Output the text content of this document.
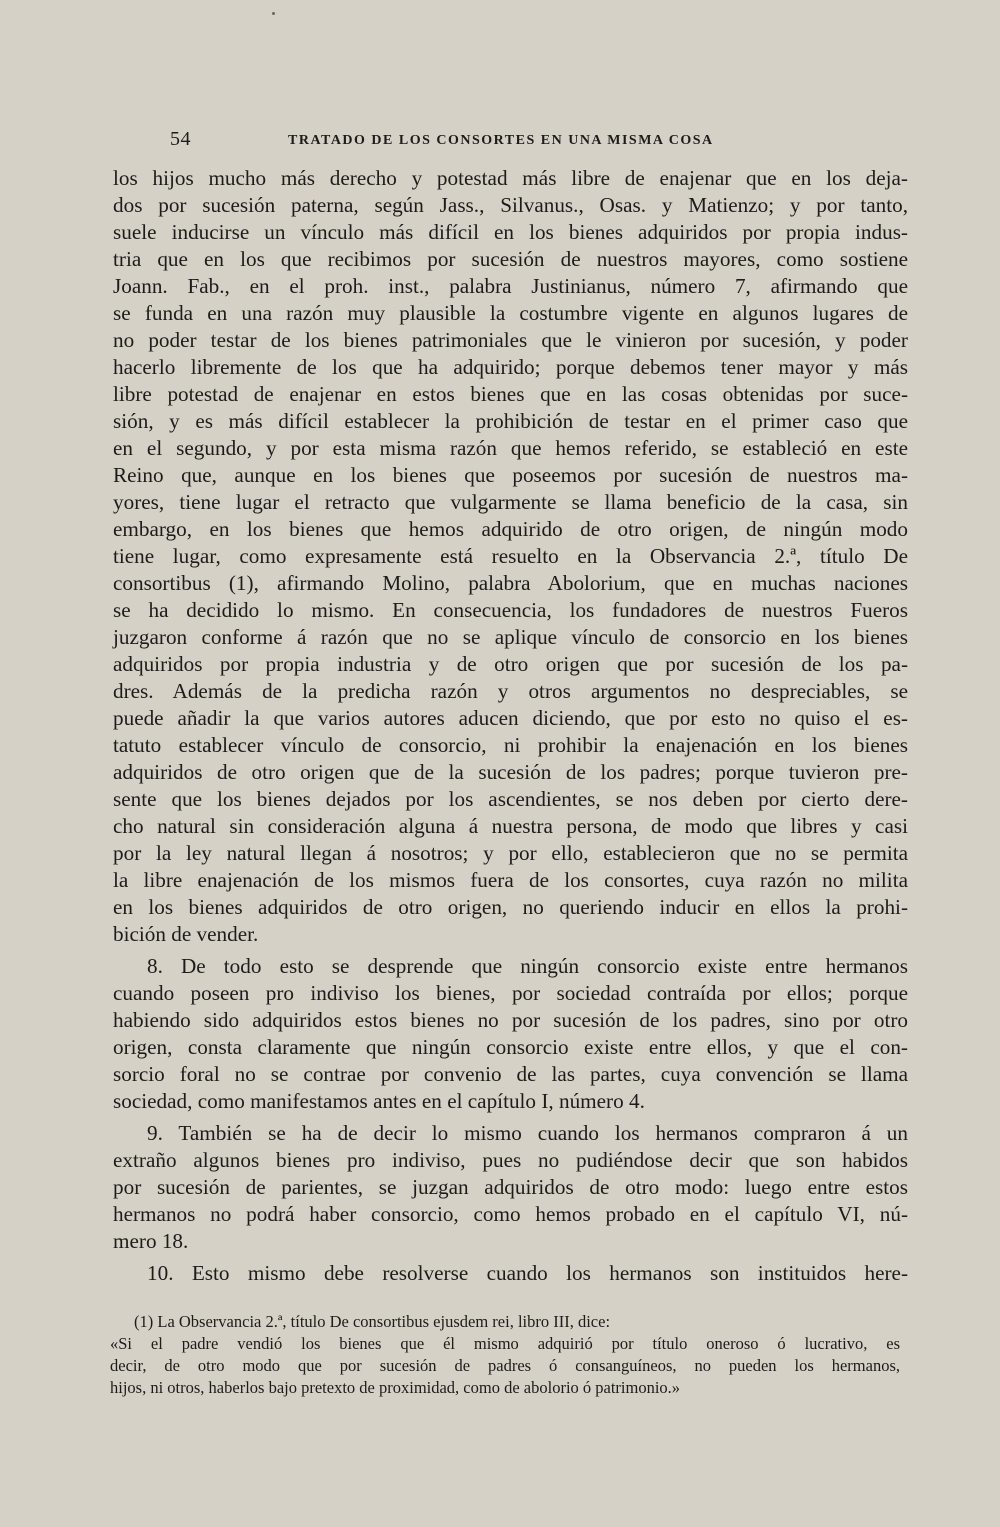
54	TRATADO DE LOS CONSORTES EN UNA MISMA COSA
los hijos mucho más derecho y potestad más libre de enajenar que en los deja-
dos por sucesión paterna, según Jass., Silvanus., Osas. y Matienzo; y por tanto,
suele inducirse un vínculo más difícil en los bienes adquiridos por propia indus-
tria que en los que recibimos por sucesión de nuestros mayores, como sostiene
Joann. Fab., en el proh. inst., palabra Justinianus, número 7, afirmando que
se funda en una razón muy plausible la costumbre vigente en algunos lugares de
no poder testar de los bienes patrimoniales que le vinieron por sucesión, y poder
hacerlo libremente de los que ha adquirido; porque debemos tener mayor y más
libre potestad de enajenar en estos bienes que en las cosas obtenidas por suce-
sión, y es más difícil establecer la prohibición de testar en el primer caso que
en el segundo, y por esta misma razón que hemos referido, se estableció en este
Reino que, aunque en los bienes que poseemos por sucesión de nuestros ma-
yores, tiene lugar el retracto que vulgarmente se llama beneficio de la casa, sin
embargo, en los bienes que hemos adquirido de otro origen, de ningún modo
tiene lugar, como expresamente está resuelto en la Observancia 2.ª, título De
consortibus (1), afirmando Molino, palabra Abolorium, que en muchas naciones
se ha decidido lo mismo. En consecuencia, los fundadores de nuestros Fueros
juzgaron conforme á razón que no se aplique vínculo de consorcio en los bienes
adquiridos por propia industria y de otro origen que por sucesión de los pa-
dres. Además de la predicha razón y otros argumentos no despreciables, se
puede añadir la que varios autores aducen diciendo, que por esto no quiso el es-
tatuto establecer vínculo de consorcio, ni prohibir la enajenación en los bienes
adquiridos de otro origen que de la sucesión de los padres; porque tuvieron pre-
sente que los bienes dejados por los ascendientes, se nos deben por cierto dere-
cho natural sin consideración alguna á nuestra persona, de modo que libres y casi
por la ley natural llegan á nosotros; y por ello, establecieron que no se permita
la libre enajenación de los mismos fuera de los consortes, cuya razón no milita
en los bienes adquiridos de otro origen, no queriendo inducir en ellos la prohi-
bición de vender.
8. De todo esto se desprende que ningún consorcio existe entre hermanos
cuando poseen pro indiviso los bienes, por sociedad contraída por ellos; porque
habiendo sido adquiridos estos bienes no por sucesión de los padres, sino por otro
origen, consta claramente que ningún consorcio existe entre ellos, y que el con-
sorcio foral no se contrae por convenio de las partes, cuya convención se llama
sociedad, como manifestamos antes en el capítulo I, número 4.
9. También se ha de decir lo mismo cuando los hermanos compraron á un
extraño algunos bienes pro indiviso, pues no pudiéndose decir que son habidos
por sucesión de parientes, se juzgan adquiridos de otro modo: luego entre estos
hermanos no podrá haber consorcio, como hemos probado en el capítulo VI, nú-
mero 18.
10. Esto mismo debe resolverse cuando los hermanos son instituidos here-
(1) La Observancia 2.ª, título De consortibus ejusdem rei, libro III, dice:
«Si el padre vendió los bienes que él mismo adquirió por título oneroso ó lucrativo, es
decir, de otro modo que por sucesión de padres ó consanguíneos, no pueden los hermanos,
hijos, ni otros, haberlos bajo pretexto de proximidad, como de abolorio ó patrimonio.»
